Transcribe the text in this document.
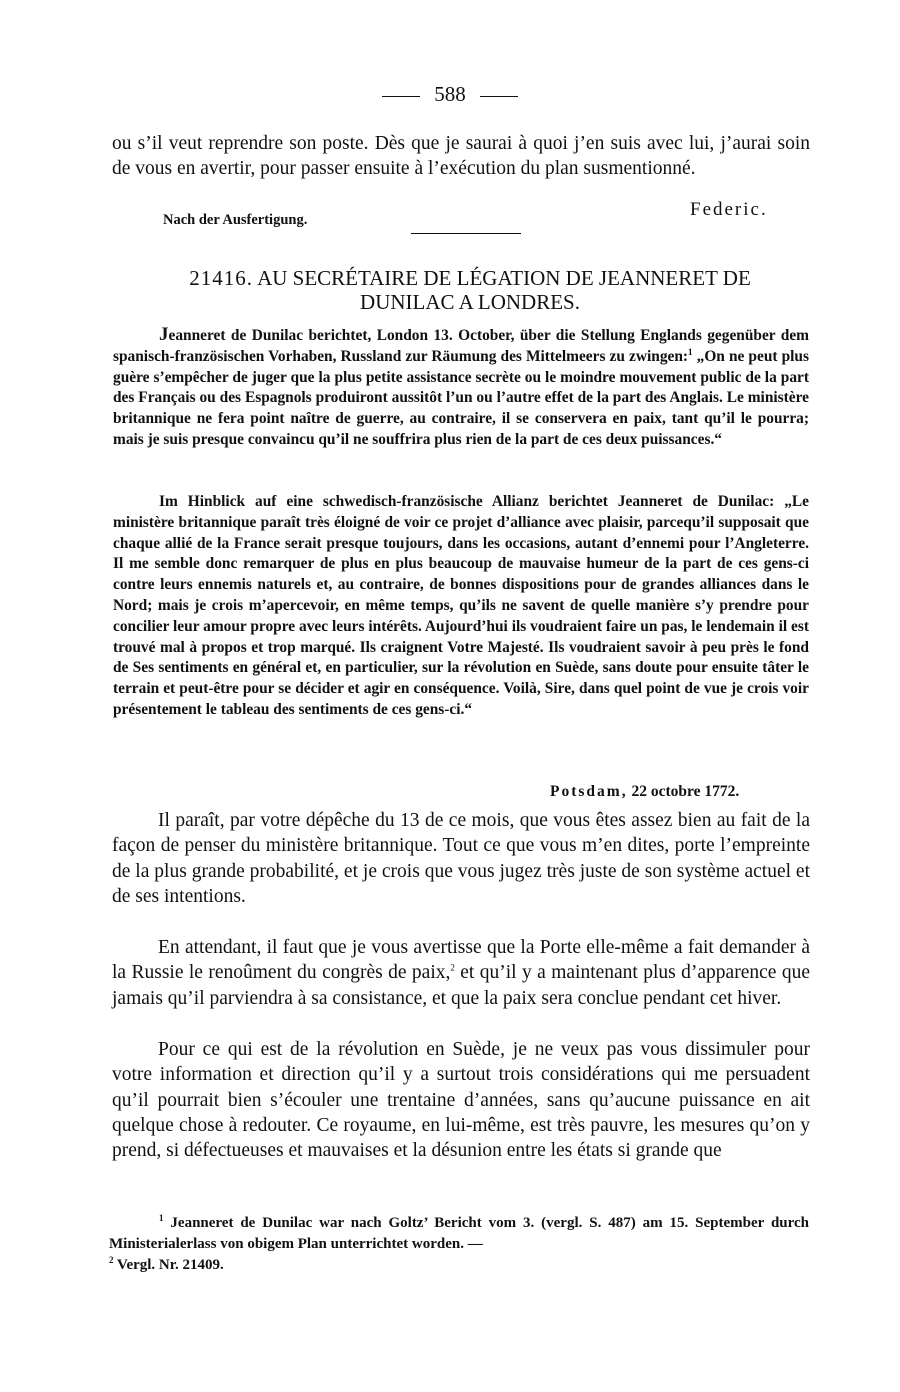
588

ou s’il veut reprendre son poste. Dès que je saurai à quoi j’en suis avec lui, j’aurai soin de vous en avertir, pour passer ensuite à l’exécution du plan susmentionné.

Federic.
Nach der Ausfertigung.
21416. AU SECRÉTAIRE DE LÉGATION DE JEANNERET DE DUNILAC A LONDRES.

Jeanneret de Dunilac berichtet, London 13. October, über die Stellung Englands gegenüber dem spanisch-französischen Vorhaben, Russland zur Räumung des Mittelmeers zu zwingen:$^1$ „On ne peut plus guère s’empêcher de juger que la plus petite assistance secrète ou le moindre mouvement public de la part des Français ou des Espagnols produiront aussitôt l’un ou l’autre effet de la part des Anglais. Le ministère britannique ne fera point naître de guerre, au contraire, il se conservera en paix, tant qu’il le pourra; mais je suis presque convaincu qu’il ne souffrira plus rien de la part de ces deux puissances.“

Im Hinblick auf eine schwedisch-französische Allianz berichtet Jeanneret de Dunilac: „Le ministère britannique paraît très éloigné de voir ce projet d’alliance avec plaisir, parcequ’il supposait que chaque allié de la France serait presque toujours, dans les occasions, autant d’ennemi pour l’Angleterre. Il me semble donc remarquer de plus en plus beaucoup de mauvaise humeur de la part de ces gens-ci contre leurs ennemis naturels et, au contraire, de bonnes dispositions pour de grandes alliances dans le Nord; mais je crois m’apercevoir, en même temps, qu’ils ne savent de quelle manière s’y prendre pour concilier leur amour propre avec leurs intérêts. Aujourd’hui ils voudraient faire un pas, le lendemain il est trouvé mal à propos et trop marqué. Ils craignent Votre Majesté. Ils voudraient savoir à peu près le fond de Ses sentiments en général et, en particulier, sur la révolution en Suède, sans doute pour ensuite tâter le terrain et peut-être pour se décider et agir en conséquence. Voilà, Sire, dans quel point de vue je crois voir présentement le tableau des sentiments de ces gens-ci.“

Potsdam, 22 octobre 1772.

Il paraît, par votre dépêche du 13 de ce mois, que vous êtes assez bien au fait de la façon de penser du ministère britannique. Tout ce que vous m’en dites, porte l’empreinte de la plus grande probabilité, et je crois que vous jugez très juste de son système actuel et de ses intentions.

En attendant, il faut que je vous avertisse que la Porte elle-même a fait demander à la Russie le renoûment du congrès de paix,$^2$ et qu’il y a maintenant plus d’apparence que jamais qu’il parviendra à sa consistance, et que la paix sera conclue pendant cet hiver.

Pour ce qui est de la révolution en Suède, je ne veux pas vous dissimuler pour votre information et direction qu’il y a surtout trois considérations qui me persuadent qu’il pourrait bien s’écouler une trentaine d’années, sans qu’aucune puissance en ait quelque chose à redouter. Ce royaume, en lui-même, est très pauvre, les mesures qu’on y prend, si défectueuses et mauvaises et la désunion entre les états si grande que

$^1$ Jeanneret de Dunilac war nach Goltz’ Bericht vom 3. (vergl. S. 487) am 15. September durch Ministerialerlass von obigem Plan unterrichtet worden. —

$^2$ Vergl. Nr. 21409.
